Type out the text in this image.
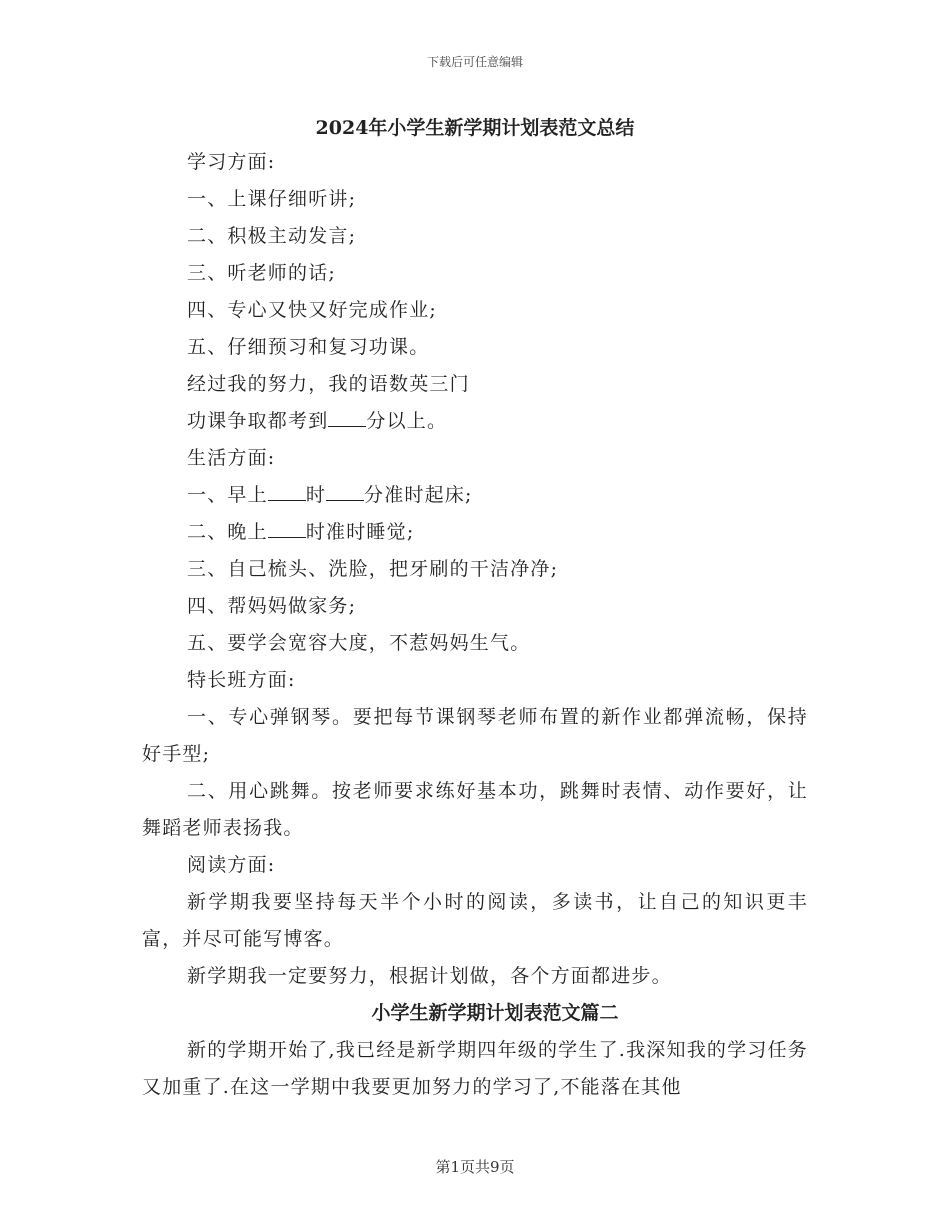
下载后可任意编辑
2024年小学生新学期计划表范文总结
学习方面:
一、上课仔细听讲;
二、积极主动发言;
三、听老师的话;
四、专心又快又好完成作业;
五、仔细预习和复习功课。
经过我的努力，我的语数英三门
功课争取都考到 分以上。
生活方面:
一、早上 时 分准时起床;
二、晚上 时准时睡觉;
三、自己梳头、洗脸，把牙刷的干洁净净;
四、帮妈妈做家务;
五、要学会宽容大度，不惹妈妈生气。
特长班方面:

一、专心弹钢琴。要把每节课钢琴老师布置的新作业都弹流畅，保持好手型;

二、用心跳舞。按老师要求练好基本功，跳舞时表情、动作要好，让舞蹈老师表扬我。

阅读方面:

新学期我要坚持每天半个小时的阅读，多读书，让自己的知识更丰富，并尽可能写博客。

新学期我一定要努力，根据计划做，各个方面都进步。
小学生新学期计划表范文篇二

新的学期开始了,我已经是新学期四年级的学生了.我深知我的学习任务又加重了.在这一学期中我要更加努力的学习了,不能落在其他

第1页共9页
